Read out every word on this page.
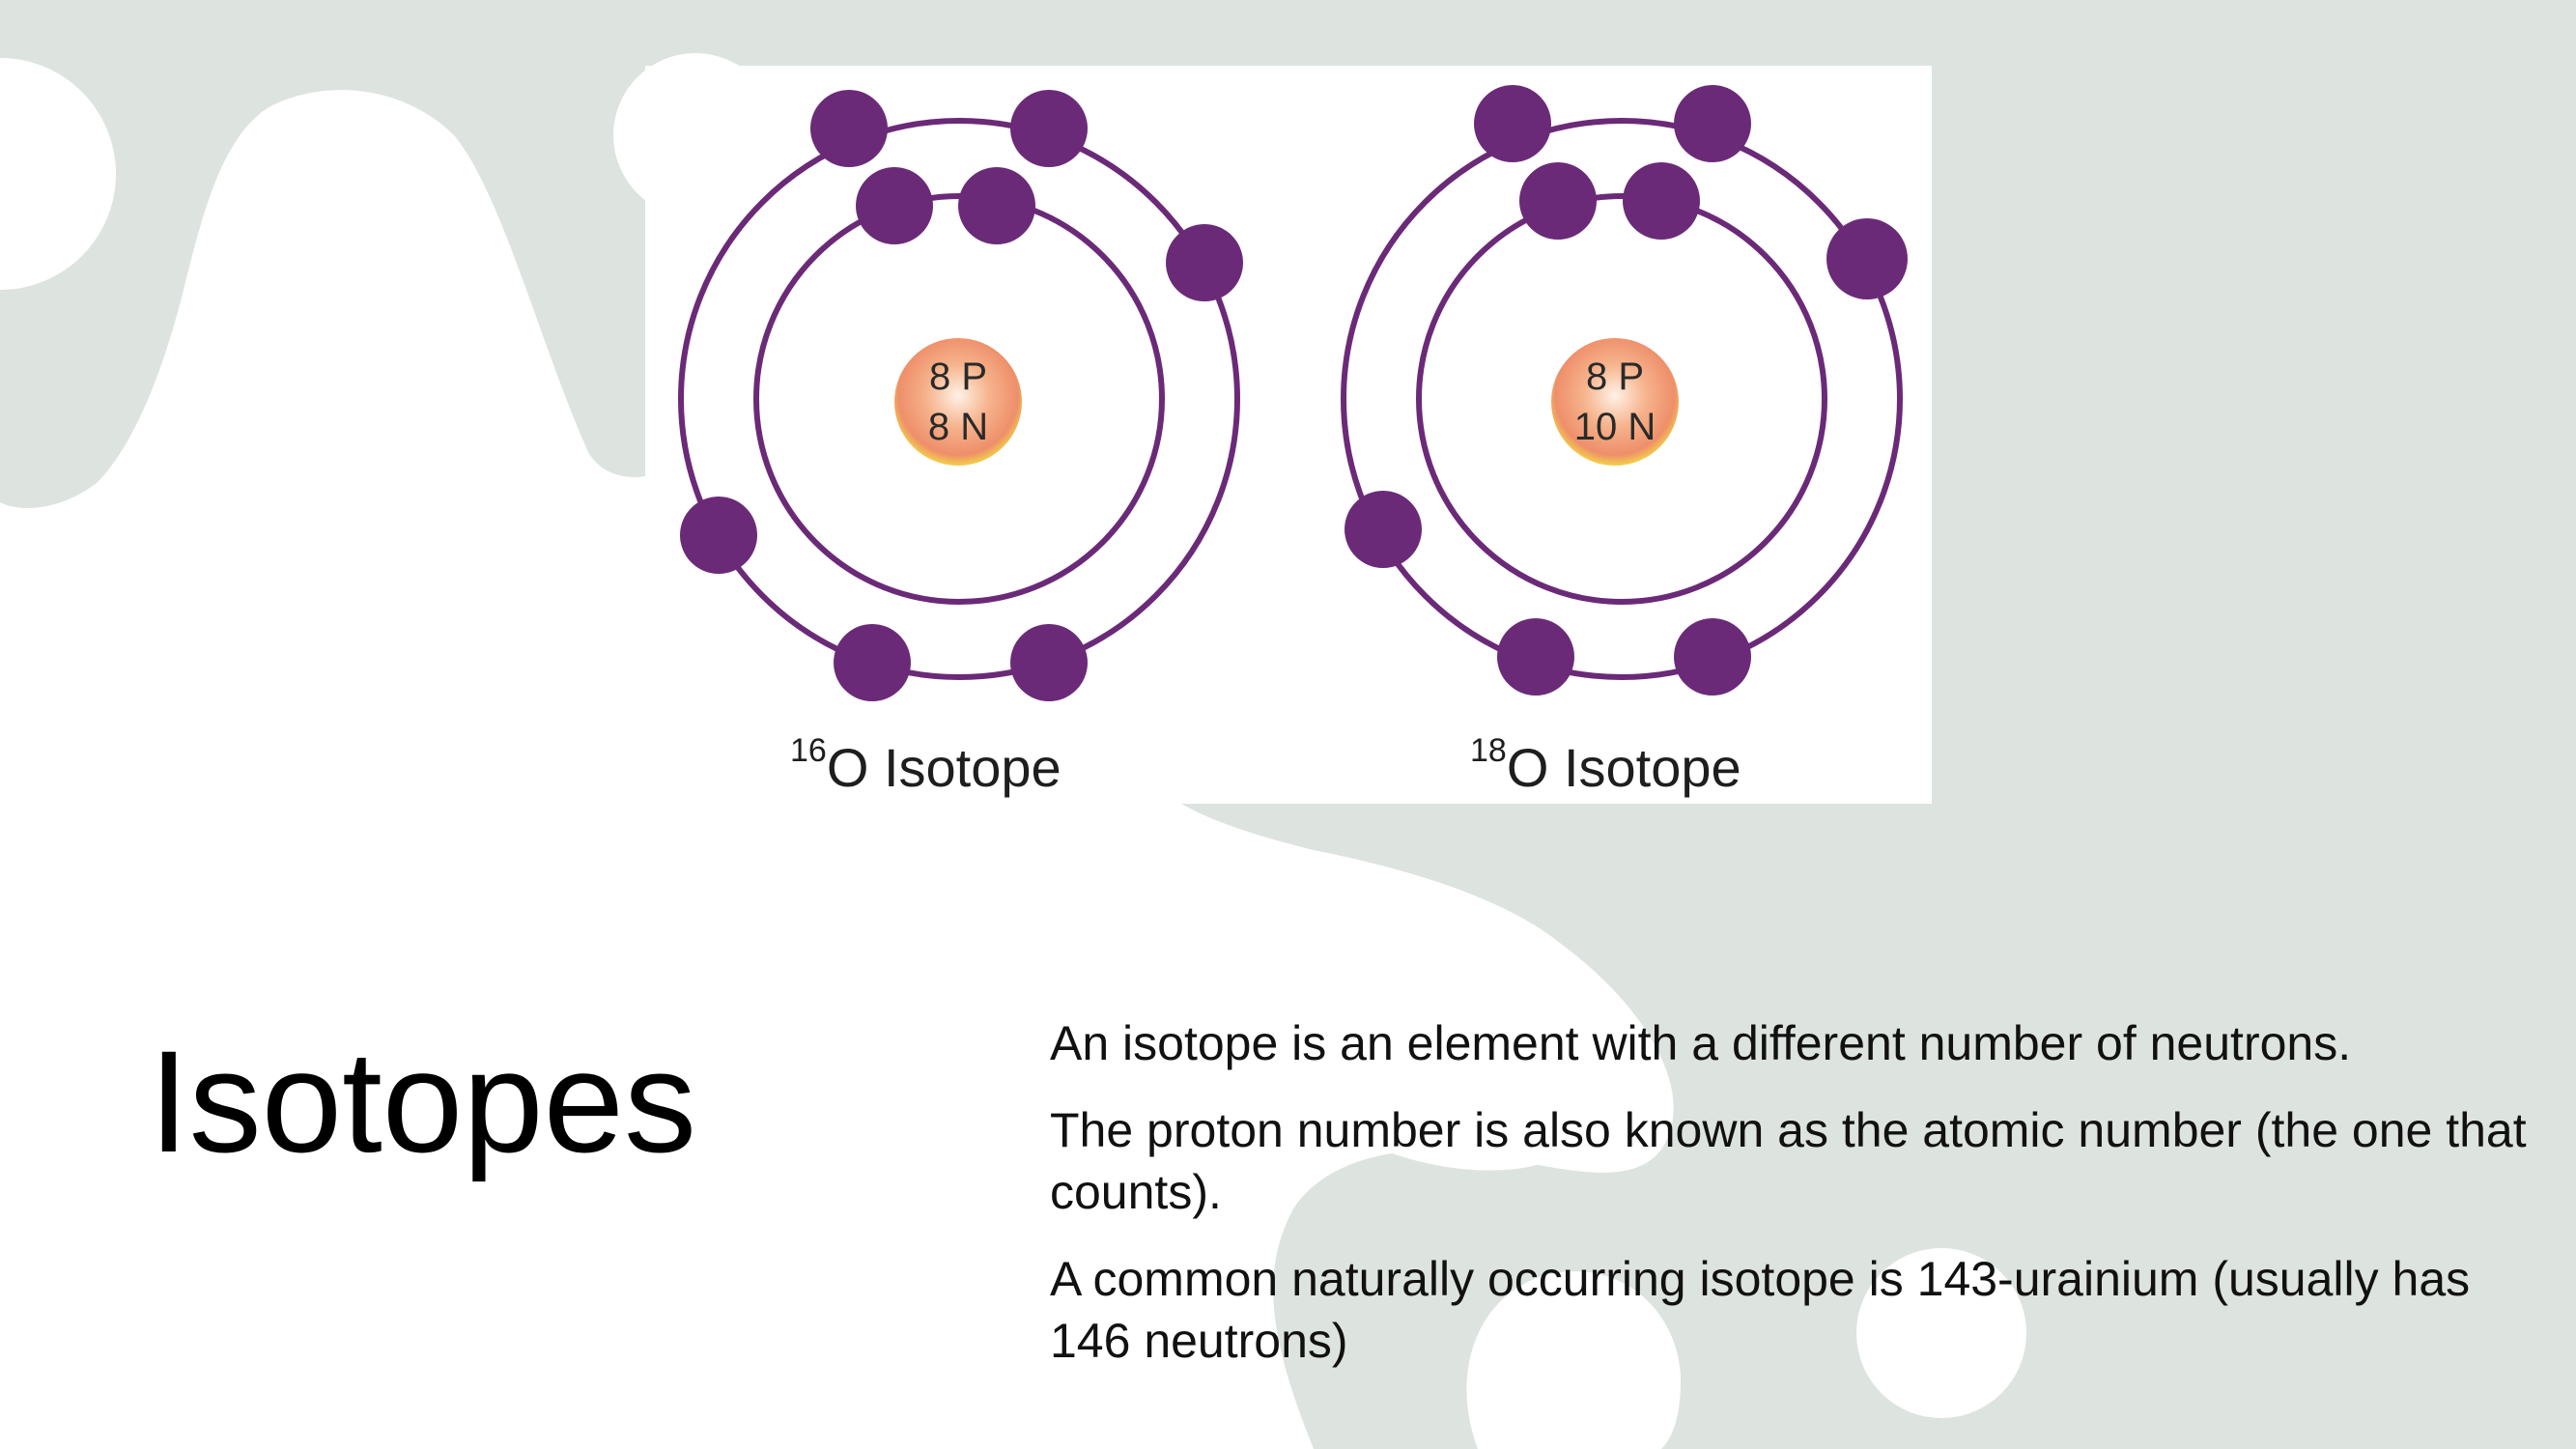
8 P
8 N
8 P
10 N
$^{16}$O Isotope	$^{18}$O Isotope
Isotopes	An isotope is an element with a different number of neutrons.

The proton number is also known as the atomic number (the one that counts).

A common naturally occurring isotope is 143-urainium (usually has 146 neutrons)
